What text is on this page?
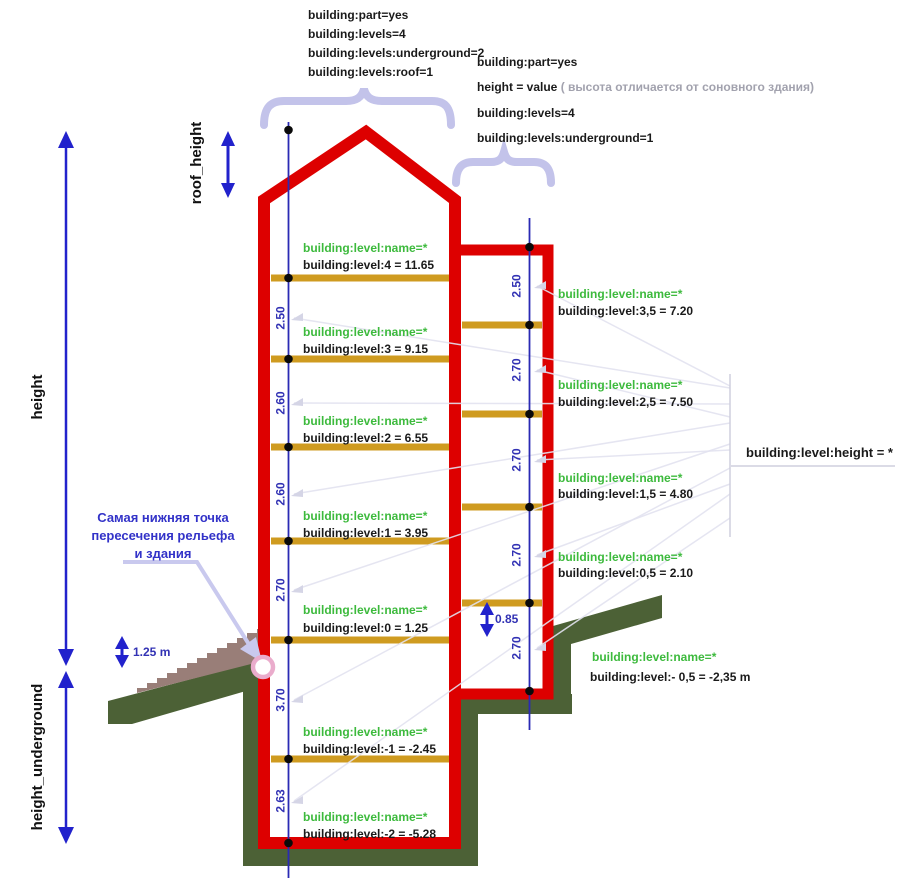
building:part=yes
building:levels=4
building:levels:underground=2
building:levels:roof=1
building:part=yes
height = value ( высота отличается от соновного здания)
building:levels=4
building:levels:underground=1
roof_height
height
height_underground
Самая нижняя точка
пересечения рельефа
и здания
1.25 m
0.85
building:level:height = *
building:level:name=*
building:level:4 = 11.65
building:level:name=*
building:level:3 = 9.15
building:level:name=*
building:level:2 = 6.55
building:level:name=*
building:level:1 = 3.95
building:level:name=*
building:level:0 = 1.25
building:level:name=*
building:level:-1 = -2.45
building:level:name=*
building:level:-2 = -5.28
building:level:name=*
building:level:3,5 = 7.20
building:level:name=*
building:level:2,5 = 7.50
building:level:name=*
building:level:1,5 = 4.80
building:level:name=*
building:level:0,5 = 2.10
building:level:name=*
building:level:- 0,5 = -2,35 m
2.50
2.60
2.60
2.70
3.70
2.63
2.50
2.70
2.70
2.70
2.70
